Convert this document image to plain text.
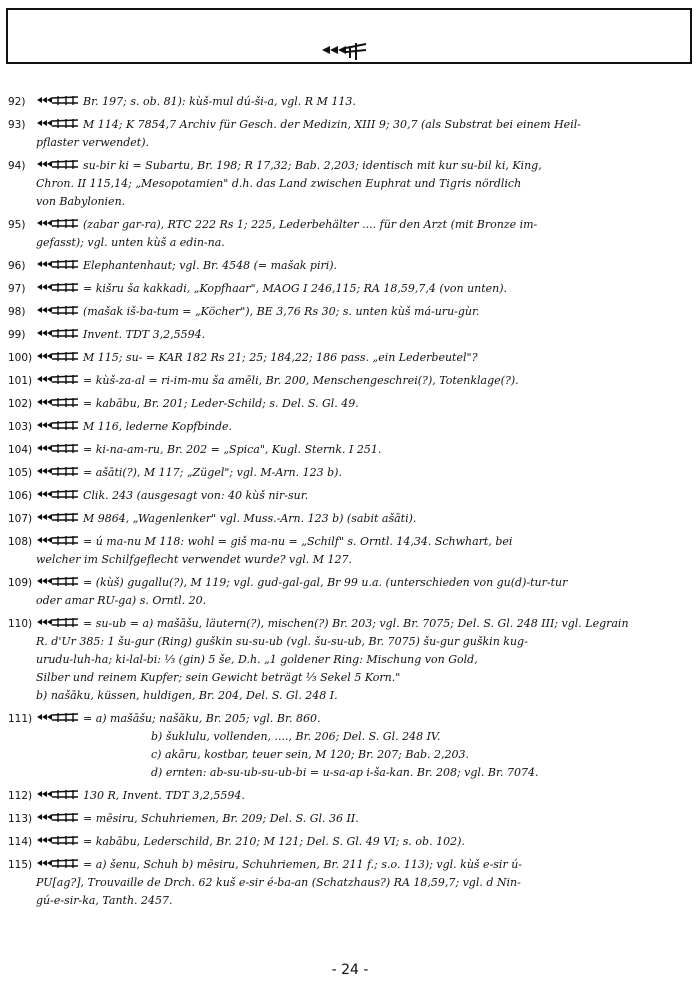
92)	Br. 197; s. ob. 81): kùš-mul dú-ši-a, vgl. R M 113.
93)	M 114; K 7854,7 Archiv für Gesch. der Medizin, XIII 9; 30,7 (als Substrat bei einem Heil-
pflaster verwendet).
94)	su-bir ki = Subartu, Br. 198; R 17,32; Bab. 2,203; identisch mit kur su-bil ki, King,
Chron. II 115,14; „Mesopotamien" d.h. das Land zwischen Euphrat und Tigris nördlich
von Babylonien.
95)	(zabar gar-ra), RTC 222 Rs 1; 225, Lederbehälter .... für den Arzt (mit Bronze im-
gefasst); vgl. unten kùš a edin-na.
96)	Elephantenhaut; vgl. Br. 4548 (= mašak piri).
97)	= kišru ša kakkadi, „Kopfhaar", MAOG I 246,115; RA 18,59,7,4 (von unten).
98)	(mašak iš-ba-tum = „Köcher"), BE 3,76 Rs 30; s. unten kùš má-uru-gùr.
99)	Invent. TDT 3,2,5594.
100)	M 115; su- = KAR 182 Rs 21; 25; 184,22; 186 pass. „ein Lederbeutel"?
101)	= kùš-za-al = ri-im-mu ša amēli, Br. 200, Menschengeschrei(?), Totenklage(?).
102)	= kabābu, Br. 201; Leder-Schild; s. Del. S. Gl. 49.
103)	M 116, lederne Kopfbinde.
104)	= ki-na-am-ru, Br. 202 = „Spica", Kugl. Sternk. I 251.
105)	= ašāti(?), M 117; „Zügel"; vgl. M-Arn. 123 b).
106)	Clik. 243 (ausgesagt von: 40 kùš nir-sur.
107)	M 9864, „Wagenlenker" vgl. Muss.-Arn. 123 b) (sabit ašāti).
108)	= ú ma-nu M 118: wohl = giš ma-nu = „Schilf" s. Orntl. 14,34. Schwhart, bei
welcher im Schilfgeflecht verwendet wurde? vgl. M 127.
109)	= (kùš) gugallu(?), M 119; vgl. gud-gal-gal, Br 99 u.a. (unterschieden von gu(d)-tur-tur
oder amar RU-ga) s. Orntl. 20.
110)	= su-ub = a) mašāšu, läutern(?), mischen(?) Br. 203; vgl. Br. 7075; Del. S. Gl. 248 III; vgl. Legrain
R. d'Ur 385: 1 šu-gur (Ring) guškin su-su-ub (vgl. šu-su-ub, Br. 7075) šu-gur guškin kug-
urudu-luh-ha; ki-lal-bi: ⅓ (gin) 5 še, D.h. „1 goldener Ring: Mischung von Gold,
Silber und reinem Kupfer; sein Gewicht beträgt ⅓ Sekel 5 Korn."
b) našāku, küssen, huldigen, Br. 204, Del. S. Gl. 248 I.
111)	= a) mašāšu; našāku, Br. 205; vgl. Br. 860.
b) šuklulu, vollenden, ...., Br. 206; Del. S. Gl. 248 IV.
c) akāru, kostbar, teuer sein, M 120; Br. 207; Bab. 2,203.
d) ernten: ab-su-ub-su-ub-bi = u-sa-ap i-ša-kan. Br. 208; vgl. Br. 7074.
112)	130 R, Invent. TDT 3,2,5594.
113)	= mēsiru, Schuhriemen, Br. 209; Del. S. Gl. 36 II.
114)	= kabābu, Lederschild, Br. 210; M 121; Del. S. Gl. 49 VI; s. ob. 102).
115)	= a) šenu, Schuh b) mēsiru, Schuhriemen, Br. 211 f.; s.o. 113); vgl. kùš e-sir ú-
PU[ag?], Trouvaille de Drch. 62 kuš e-sir é-ba-an (Schatzhaus?) RA 18,59,7; vgl. d Nin-
gú-e-sir-ka, Tanth. 2457.
- 24 -
